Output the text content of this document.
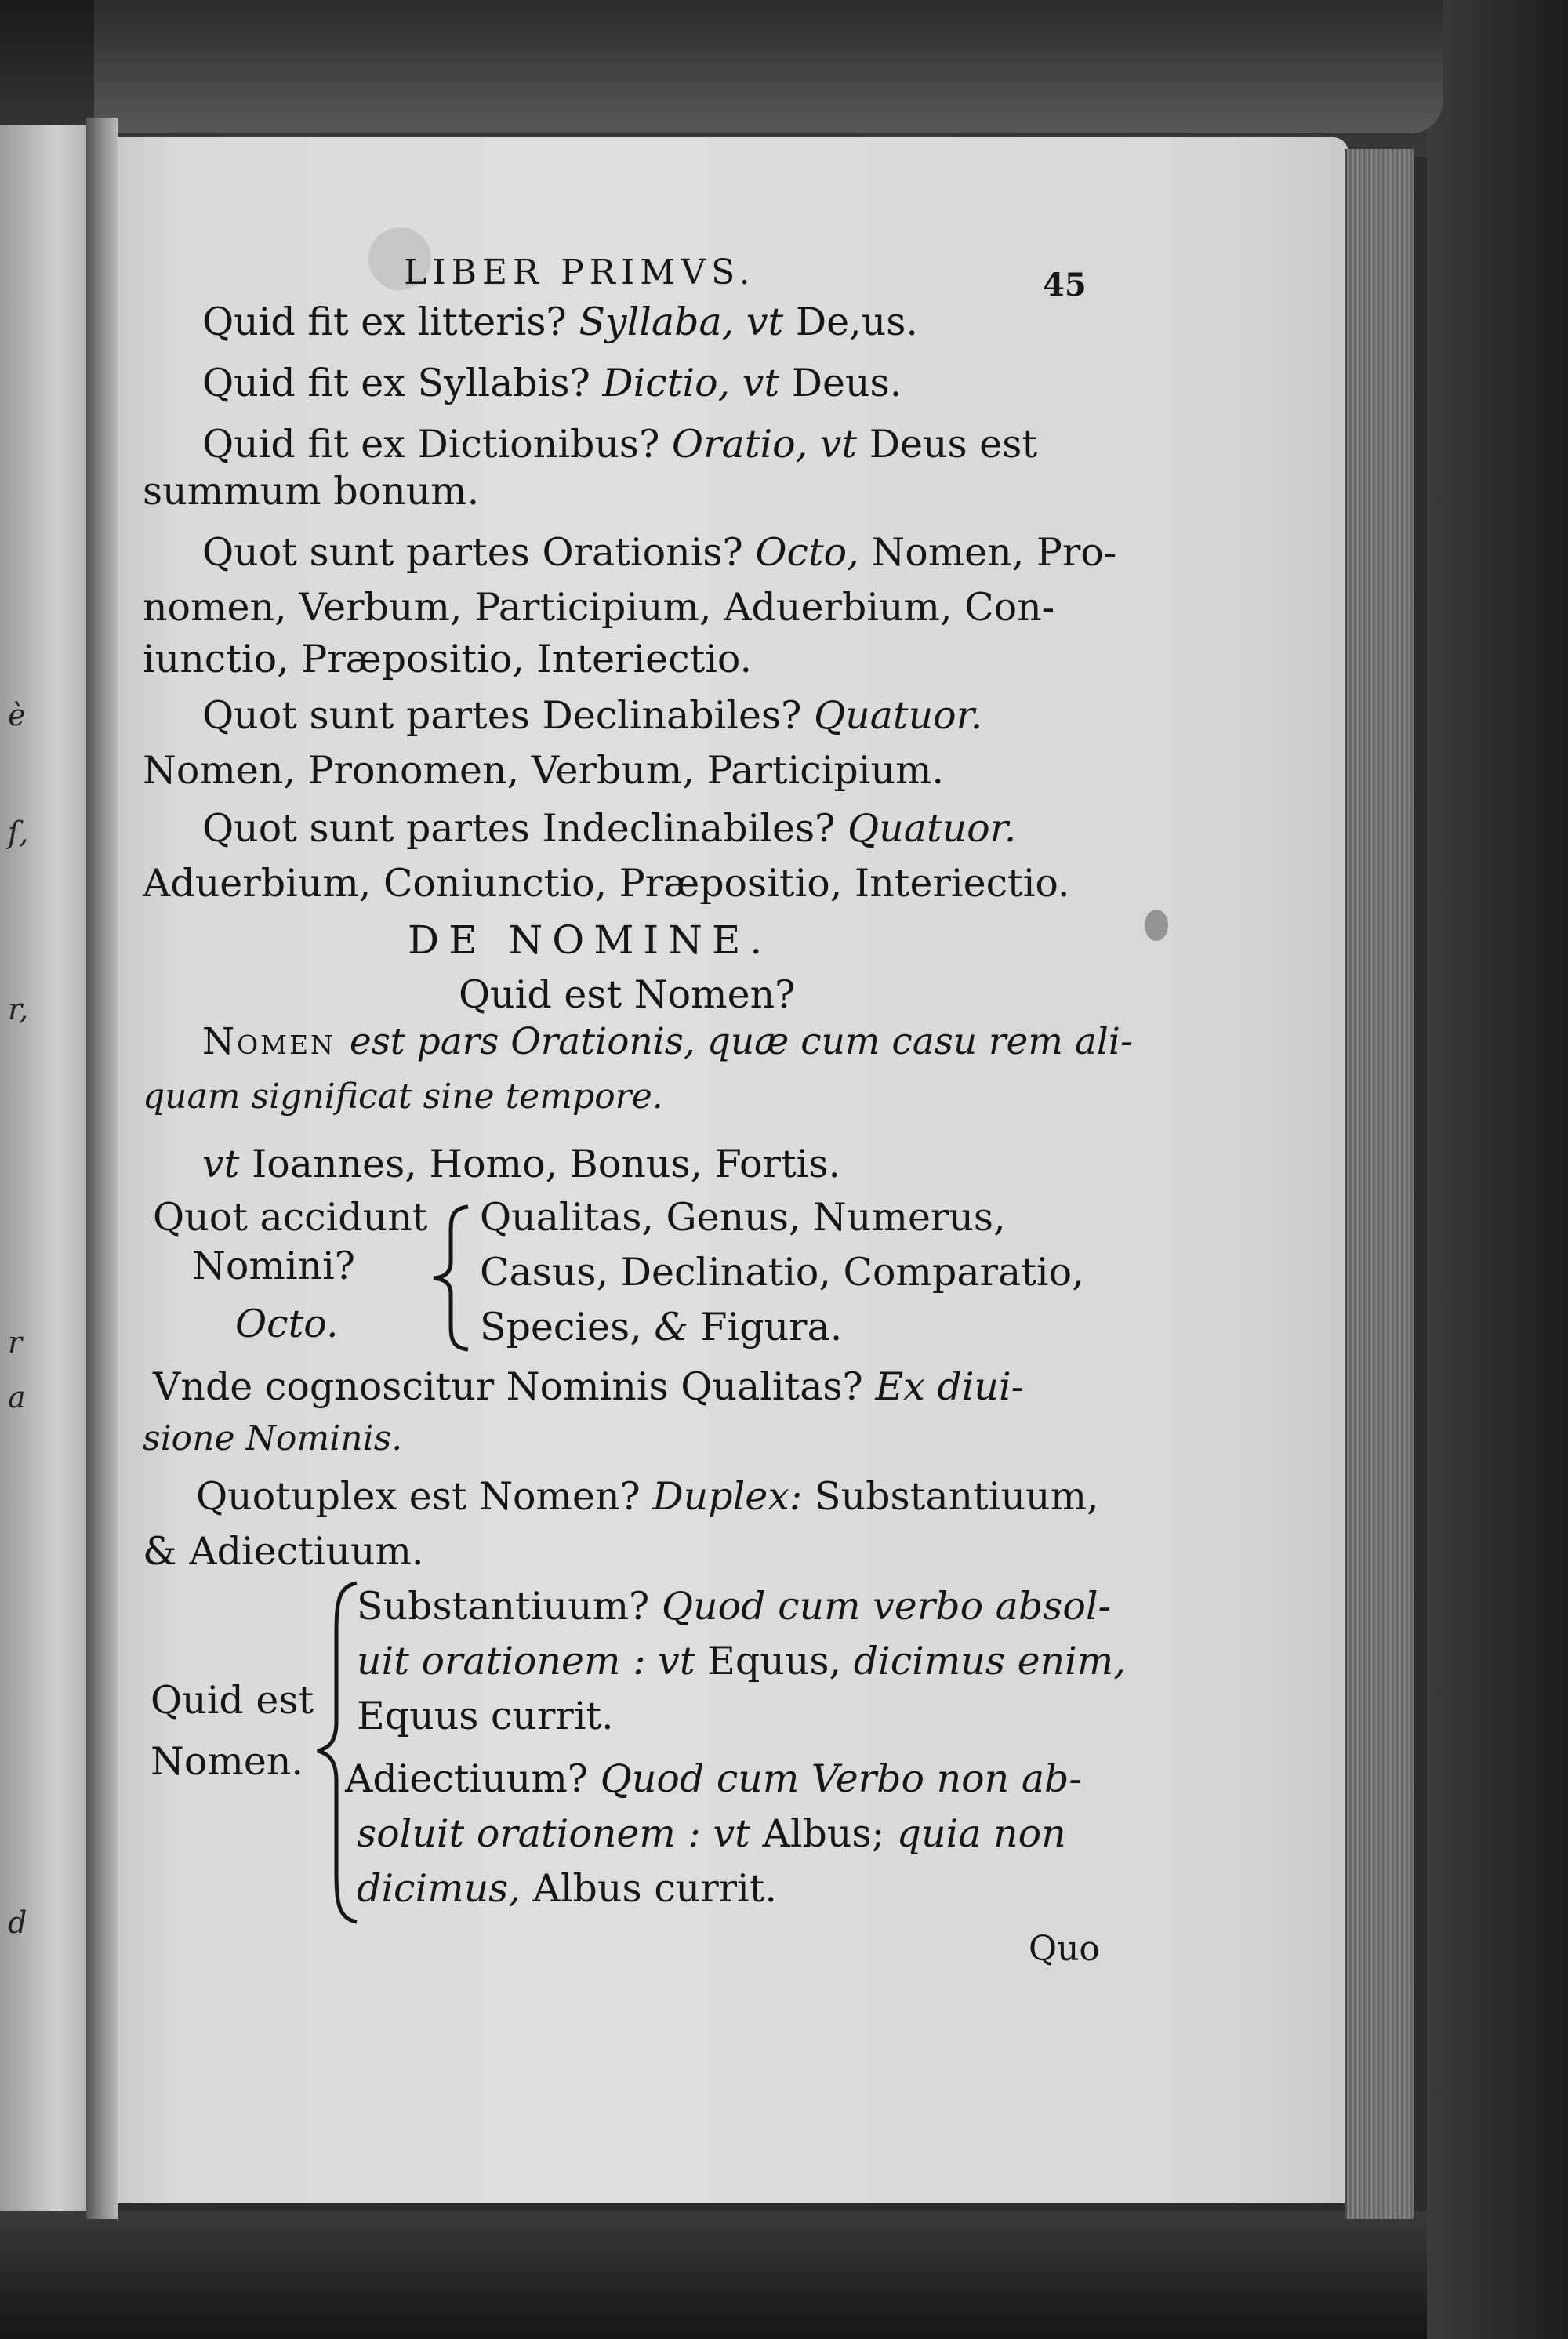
è
ſ,
r,
r
a
d
LIBER PRIMVS.	45
Quid fit ex litteris? Syllaba, vt De,us.
Quid fit ex Syllabis? Dictio, vt Deus.
Quid fit ex Dictionibus? Oratio, vt Deus est
summum bonum.
Quot sunt partes Orationis? Octo, Nomen, Pro-
nomen, Verbum, Participium, Aduerbium, Con-
iunctio, Præpositio, Interiectio.
Quot sunt partes Declinabiles? Quatuor.
Nomen, Pronomen, Verbum, Participium.
Quot sunt partes Indeclinabiles? Quatuor.
Aduerbium, Coniunctio, Præpositio, Interiectio.
DE NOMINE.
Quid est Nomen?
Nomen est pars Orationis, quæ cum casu rem ali-
quam significat sine tempore.
vt Ioannes, Homo, Bonus, Fortis.
Quot accidunt
Nomini?
Octo.
Qualitas, Genus, Numerus,
Casus, Declinatio, Comparatio,
Species, & Figura.
Vnde cognoscitur Nominis Qualitas? Ex diui-
sione Nominis.
Quotuplex est Nomen? Duplex: Substantiuum,
& Adiectiuum.
Quid est
Nomen.
Substantiuum? Quod cum verbo absol-
uit orationem : vt Equus, dicimus enim,
Equus currit.
Adiectiuum? Quod cum Verbo non ab-
soluit orationem : vt Albus; quia non
dicimus, Albus currit.
Quo
